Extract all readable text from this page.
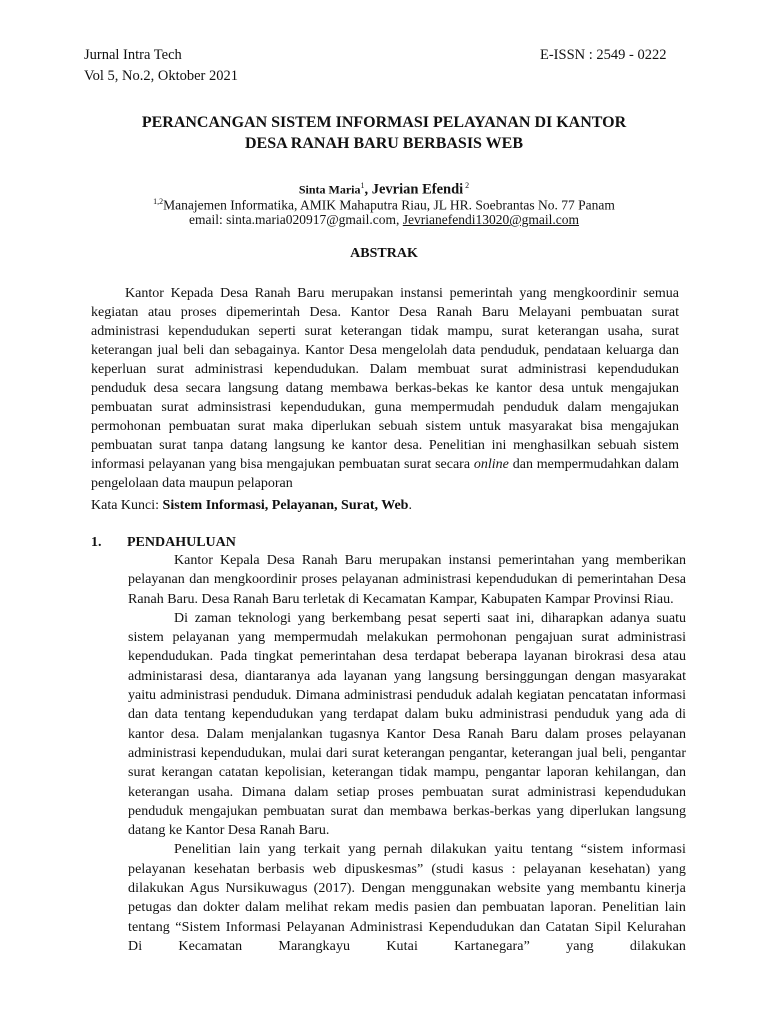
Jurnal Intra Tech
Vol 5, No.2, Oktober 2021
E-ISSN : 2549 - 0222
PERANCANGAN SISTEM INFORMASI PELAYANAN DI KANTOR
DESA RANAH BARU BERBASIS WEB
Sinta Maria$^1$, Jevrian Efendi $^2$
$^{1,2}$Manajemen Informatika, AMIK Mahaputra Riau, JL HR. Soebrantas No. 77 Panam
email: sinta.maria020917@gmail.com, Jevrianefendi13020@gmail.com
ABSTRAK
Kantor Kepada Desa Ranah Baru merupakan instansi pemerintah yang mengkoordinir semua kegiatan atau proses dipemerintah Desa. Kantor Desa Ranah Baru Melayani pembuatan surat administrasi kependudukan seperti surat keterangan tidak mampu, surat keterangan usaha, surat keterangan jual beli dan sebagainya. Kantor Desa mengelolah data penduduk, pendataan keluarga dan keperluan surat administrasi kependudukan. Dalam membuat surat administrasi kependudukan penduduk desa secara langsung datang membawa berkas-bekas ke kantor desa untuk mengajukan pembuatan surat adminsistrasi kependudukan, guna mempermudah penduduk dalam mengajukan permohonan pembuatan surat maka diperlukan sebuah sistem untuk masyarakat bisa mengajukan pembuatan surat tanpa datang langsung ke kantor desa. Penelitian ini menghasilkan sebuah sistem informasi pelayanan yang bisa mengajukan pembuatan surat secara online dan mempermudahkan dalam pengelolaan data maupun pelaporan
Kata Kunci: Sistem Informasi, Pelayanan, Surat, Web.
1. PENDAHULUAN

Kantor Kepala Desa Ranah Baru merupakan instansi pemerintahan yang memberikan pelayanan dan mengkoordinir proses pelayanan administrasi kependudukan di pemerintahan Desa Ranah Baru. Desa Ranah Baru terletak di Kecamatan Kampar, Kabupaten Kampar Provinsi Riau.

Di zaman teknologi yang berkembang pesat seperti saat ini, diharapkan adanya suatu sistem pelayanan yang mempermudah melakukan permohonan pengajuan surat administrasi kependudukan. Pada tingkat pemerintahan desa terdapat beberapa layanan birokrasi desa atau administarasi desa, diantaranya ada layanan yang langsung bersinggungan dengan masyarakat yaitu administrasi penduduk. Dimana administrasi penduduk adalah kegiatan pencatatan informasi dan data tentang kependudukan yang terdapat dalam buku administrasi penduduk yang ada di kantor desa. Dalam menjalankan tugasnya Kantor Desa Ranah Baru dalam proses pelayanan administrasi kependudukan, mulai dari surat keterangan pengantar, keterangan jual beli, pengantar surat kerangan catatan kepolisian, keterangan tidak mampu, pengantar laporan kehilangan, dan keterangan usaha. Dimana dalam setiap proses pembuatan surat administrasi kependudukan penduduk mengajukan pembuatan surat dan membawa berkas-berkas yang diperlukan langsung datang ke Kantor Desa Ranah Baru.

Penelitian lain yang terkait yang pernah dilakukan yaitu tentang “sistem informasi pelayanan kesehatan berbasis web dipuskesmas” (studi kasus : pelayanan kesehatan) yang dilakukan Agus Nursikuwagus (2017). Dengan menggunakan website yang membantu kinerja petugas dan dokter dalam melihat rekam medis pasien dan pembuatan laporan. Penelitian lain tentang “Sistem Informasi Pelayanan Administrasi Kependudukan dan Catatan Sipil Kelurahan Di Kecamatan Marangkayu Kutai Kartanegara” yang dilakukan
